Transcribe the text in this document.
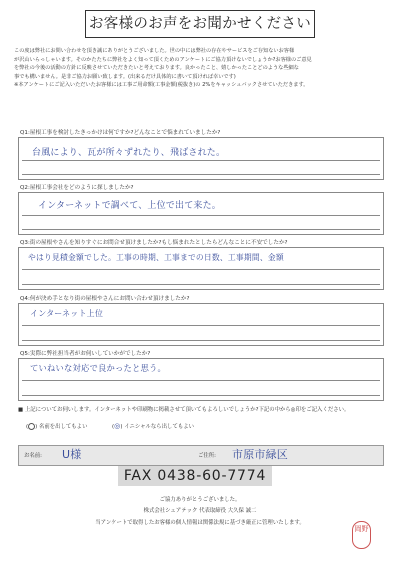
お客様のお声をお聞かせください

この度は弊社にお問い合わせを頂き誠にありがとうございました。世の中には弊社の存在やサービスをご存知ないお客様

が沢山いらっしゃいます。そのかたたちに弊社をよく知って頂くためのアンケートにご協力頂けないでしょうか?お客様のご意見

を弊社の今後の活動の方針に反映させていただきたいと考えております。良かったこと、嬉しかったことどのような些細な

事でも構いません。是非ご協力お願い致します。(出来るだけ具体的に書いて頂ければ幸いです)

※本アンケートにご記入いただいたお客様には工事ご用命額(工事金額(税抜き)の 2%をキャッシュバックさせていただきます。

Q1:屋根工事を検討したきっかけは何ですか?どんなことで悩まれていましたか?
台風により、瓦が所々ずれたり、飛ばされた。
Q2:屋根工事会社をどのように探しましたか?
インターネットで調べて、上位で出て来た。
Q3:街の屋根やさんを知りすぐにお問合せ頂けましたか?もし悩まれたとしたらどんなことに不安でしたか?
やはり見積金額でした。工事の時期、工事までの日数、工事期間、金額
Q4:何が決め手となり街の屋根やさんにお問い合わせ頂けましたか?
インターネット上位
Q5:実際に弊社担当者がお伺いしていかがでしたか?
ていねいな対応で良かったと思う。
■ 上記についてお伺いします。インターネットや印刷物に掲載させて頂いてもよろしいでしょうか?下記の中から◎印をご記入ください。
( ) 名前を出してもよい	(◎) イニシャルなら出してもよい
お名前: U様	ご住所: 市原市緑区
FAX 0438-60-7774
ご協力ありがとうございました。
株式会社シェアテック 代表取締役 大久保 誠二
当アンケートで取得したお客様の個人情報は関係法規に基づき厳正に管理いたします。
岡野
